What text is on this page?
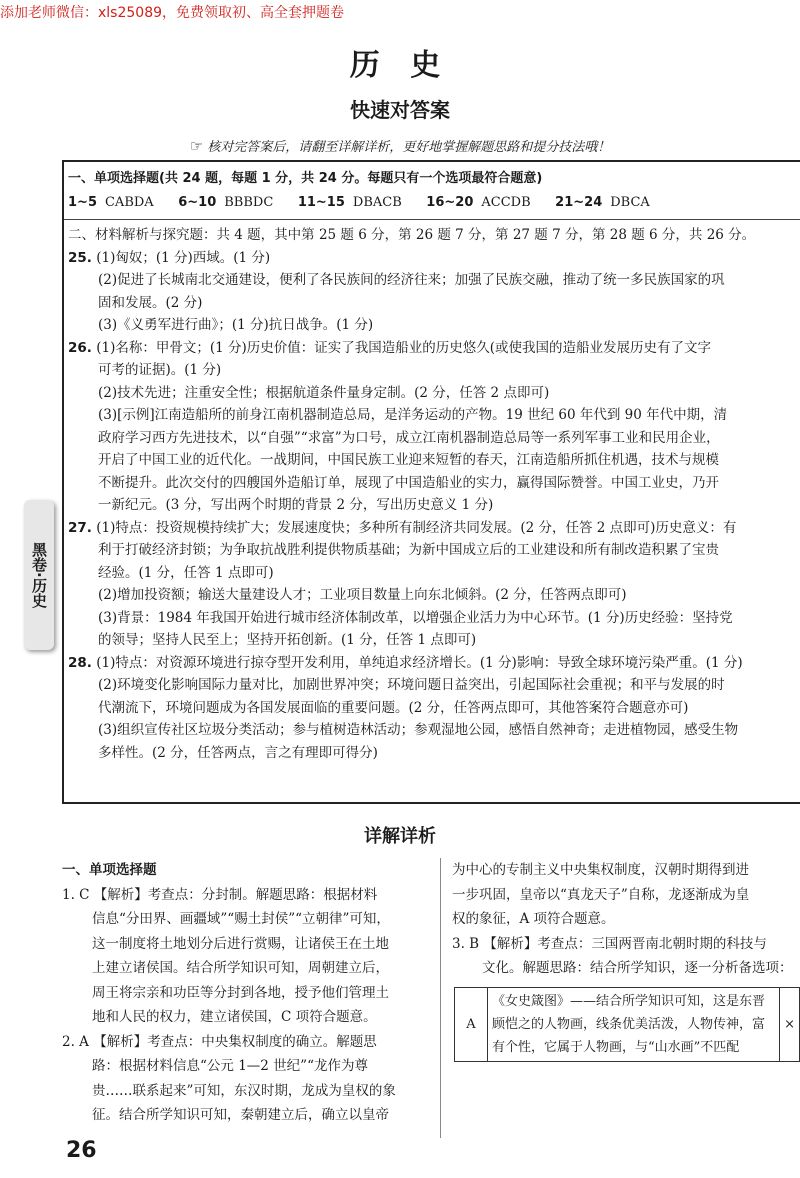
添加老师微信：xls25089，免费领取初、高全套押题卷
历 史
快速对答案
☞ 核对完答案后，请翻至详解详析，更好地掌握解题思路和提分技法哦！
一、单项选择题(共 24 题，每题 1 分，共 24 分。每题只有一个选项最符合题意)
1~5 CABDA 6~10 BBBDC 11~15 DBACB 16~20 ACCDB 21~24 DBCA
二、材料解析与探究题：共 4 题，其中第 25 题 6 分，第 26 题 7 分，第 27 题 7 分，第 28 题 6 分，共 26 分。
25. (1)匈奴；(1 分)西域。(1 分)
(2)促进了长城南北交通建设，便利了各民族间的经济往来；加强了民族交融，推动了统一多民族国家的巩
固和发展。(2 分)
(3)《义勇军进行曲》；(1 分)抗日战争。(1 分)
26. (1)名称：甲骨文；(1 分)历史价值：证实了我国造船业的历史悠久(或使我国的造船业发展历史有了文字
可考的证据)。(1 分)
(2)技术先进；注重安全性；根据航道条件量身定制。(2 分，任答 2 点即可)
(3)[示例]江南造船所的前身江南机器制造总局，是洋务运动的产物。19 世纪 60 年代到 90 年代中期，清
政府学习西方先进技术，以“自强”“求富”为口号，成立江南机器制造总局等一系列军事工业和民用企业，
开启了中国工业的近代化。一战期间，中国民族工业迎来短暂的春天，江南造船所抓住机遇，技术与规模
不断提升。此次交付的四艘国外造船订单，展现了中国造船业的实力，赢得国际赞誉。中国工业史，乃开
一新纪元。(3 分，写出两个时期的背景 2 分，写出历史意义 1 分)
27. (1)特点：投资规模持续扩大；发展速度快；多种所有制经济共同发展。(2 分，任答 2 点即可)历史意义：有
利于打破经济封锁；为争取抗战胜利提供物质基础；为新中国成立后的工业建设和所有制改造积累了宝贵
经验。(1 分，任答 1 点即可)
(2)增加投资额；输送大量建设人才；工业项目数量上向东北倾斜。(2 分，任答两点即可)
(3)背景：1984 年我国开始进行城市经济体制改革，以增强企业活力为中心环节。(1 分)历史经验：坚持党
的领导；坚持人民至上；坚持开拓创新。(1 分，任答 1 点即可)
28. (1)特点：对资源环境进行掠夺型开发利用，单纯追求经济增长。(1 分)影响：导致全球环境污染严重。(1 分)
(2)环境变化影响国际力量对比，加剧世界冲突；环境问题日益突出，引起国际社会重视；和平与发展的时
代潮流下，环境问题成为各国发展面临的重要问题。(2 分，任答两点即可，其他答案符合题意亦可)
(3)组织宣传社区垃圾分类活动；参与植树造林活动；参观湿地公园，感悟自然神奇；走进植物园，感受生物
多样性。(2 分，任答两点，言之有理即可得分)
黑卷·历史
详解详析
一、单项选择题
1. C 【解析】考查点：分封制。解题思路：根据材料
信息“分田界、画疆域”“赐土封侯”“立朝律”可知，
这一制度将土地划分后进行赏赐，让诸侯王在土地
上建立诸侯国。结合所学知识可知，周朝建立后，
周王将宗亲和功臣等分封到各地，授予他们管理土
地和人民的权力，建立诸侯国，C 项符合题意。
2. A 【解析】考查点：中央集权制度的确立。解题思
路：根据材料信息“公元 1—2 世纪”“龙作为尊
贵……联系起来”可知，东汉时期，龙成为皇权的象
征。结合所学知识可知，秦朝建立后，确立以皇帝
为中心的专制主义中央集权制度，汉朝时期得到进
一步巩固，皇帝以“真龙天子”自称，龙逐渐成为皇
权的象征，A 项符合题意。
3. B 【解析】考查点：三国两晋南北朝时期的科技与
文化。解题思路：结合所学知识，逐一分析备选项：
A	《女史箴图》——结合所学知识可知，这是东晋顾恺之的人物画，线条优美活泼，人物传神，富有个性，它属于人物画，与“山水画”不匹配	×
26
